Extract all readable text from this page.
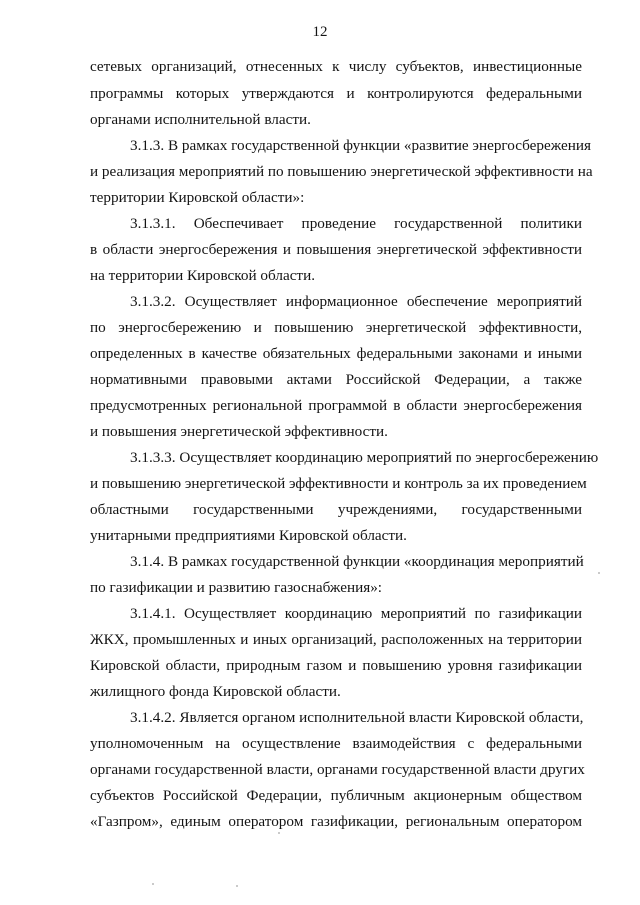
12
сетевых организаций, отнесенных к числу субъектов, инвестиционные
программы которых утверждаются и контролируются федеральными
органами исполнительной власти.
3.1.3. В рамках государственной функции «развитие энергосбережения
и реализация мероприятий по повышению энергетической эффективности на
территории Кировской области»:
3.1.3.1. Обеспечивает проведение государственной политики
в области энергосбережения и повышения энергетической эффективности
на территории Кировской области.
3.1.3.2. Осуществляет информационное обеспечение мероприятий
по энергосбережению и повышению энергетической эффективности,
определенных в качестве обязательных федеральными законами и иными
нормативными правовыми актами Российской Федерации, а также
предусмотренных региональной программой в области энергосбережения
и повышения энергетической эффективности.
3.1.3.3. Осуществляет координацию мероприятий по энергосбережению
и повышению энергетической эффективности и контроль за их проведением
областными государственными учреждениями, государственными
унитарными предприятиями Кировской области.
3.1.4. В рамках государственной функции «координация мероприятий
по газификации и развитию газоснабжения»:
3.1.4.1. Осуществляет координацию мероприятий по газификации
ЖКХ, промышленных и иных организаций, расположенных на территории
Кировской области, природным газом и повышению уровня газификации
жилищного фонда Кировской области.
3.1.4.2. Является органом исполнительной власти Кировской области,
уполномоченным на осуществление взаимодействия с федеральными
органами государственной власти, органами государственной власти других
субъектов Российской Федерации, публичным акционерным обществом
«Газпром», единым оператором газификации, региональным оператором
